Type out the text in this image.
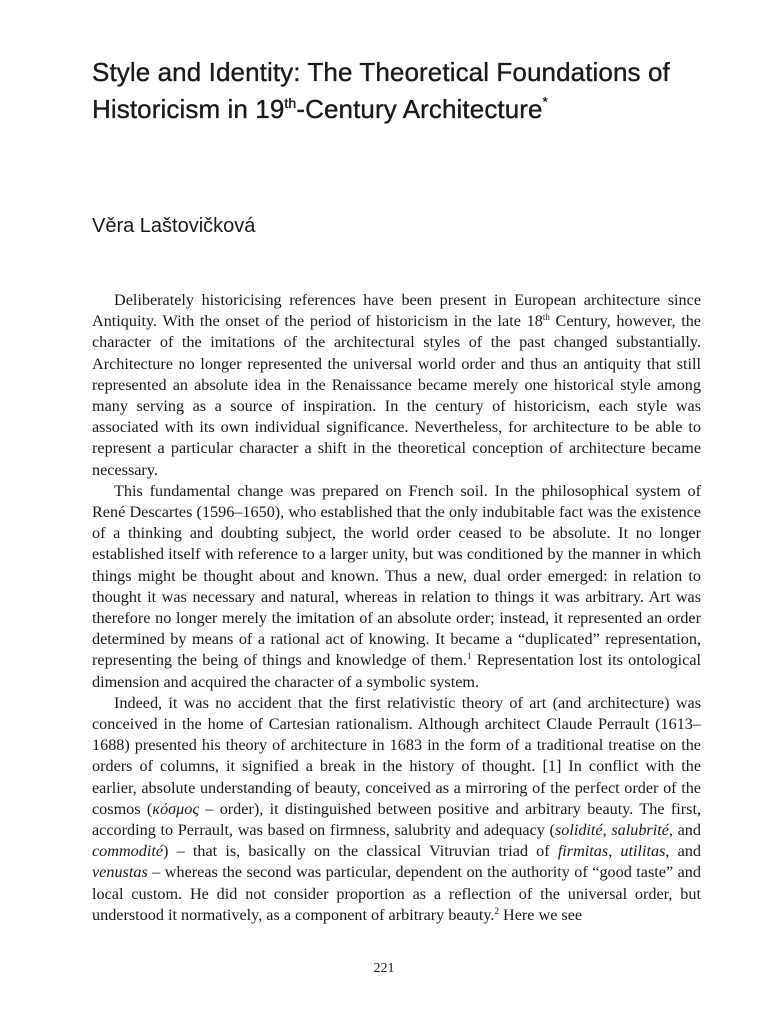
Style and Identity: The Theoretical Foundations of Historicism in 19th-Century Architecture*
Věra Laštovičková

Deliberately historicising references have been present in European architecture since Antiquity. With the onset of the period of historicism in the late 18th Century, however, the character of the imitations of the architectural styles of the past changed substantially. Architecture no longer represented the universal world order and thus an antiquity that still represented an absolute idea in the Renaissance became merely one historical style among many serving as a source of inspiration. In the century of historicism, each style was associated with its own individual significance. Nevertheless, for architecture to be able to represent a particular character a shift in the theoretical conception of architecture became necessary.

This fundamental change was prepared on French soil. In the philosophical system of René Descartes (1596–1650), who established that the only indubitable fact was the existence of a thinking and doubting subject, the world order ceased to be absolute. It no longer established itself with reference to a larger unity, but was conditioned by the manner in which things might be thought about and known. Thus a new, dual order emerged: in relation to thought it was necessary and natural, whereas in relation to things it was arbitrary. Art was therefore no longer merely the imitation of an absolute order; instead, it represented an order determined by means of a rational act of knowing. It became a “duplicated” representation, representing the being of things and knowledge of them.$^1$ Representation lost its ontological dimension and acquired the character of a symbolic system.

Indeed, it was no accident that the first relativistic theory of art (and architecture) was conceived in the home of Cartesian rationalism. Although architect Claude Perrault (1613–1688) presented his theory of architecture in 1683 in the form of a traditional treatise on the orders of columns, it signified a break in the history of thought. [1] In conflict with the earlier, absolute understanding of beauty, conceived as a mirroring of the perfect order of the cosmos (κόσμος – order), it distinguished between positive and arbitrary beauty. The first, according to Perrault, was based on firmness, salubrity and adequacy (solidité, salubrité, and commodité) – that is, basically on the classical Vitruvian triad of firmitas, utilitas, and venustas – whereas the second was particular, dependent on the authority of “good taste” and local custom. He did not consider proportion as a reflection of the universal order, but understood it normatively, as a component of arbitrary beauty.$^2$ Here we see

221
